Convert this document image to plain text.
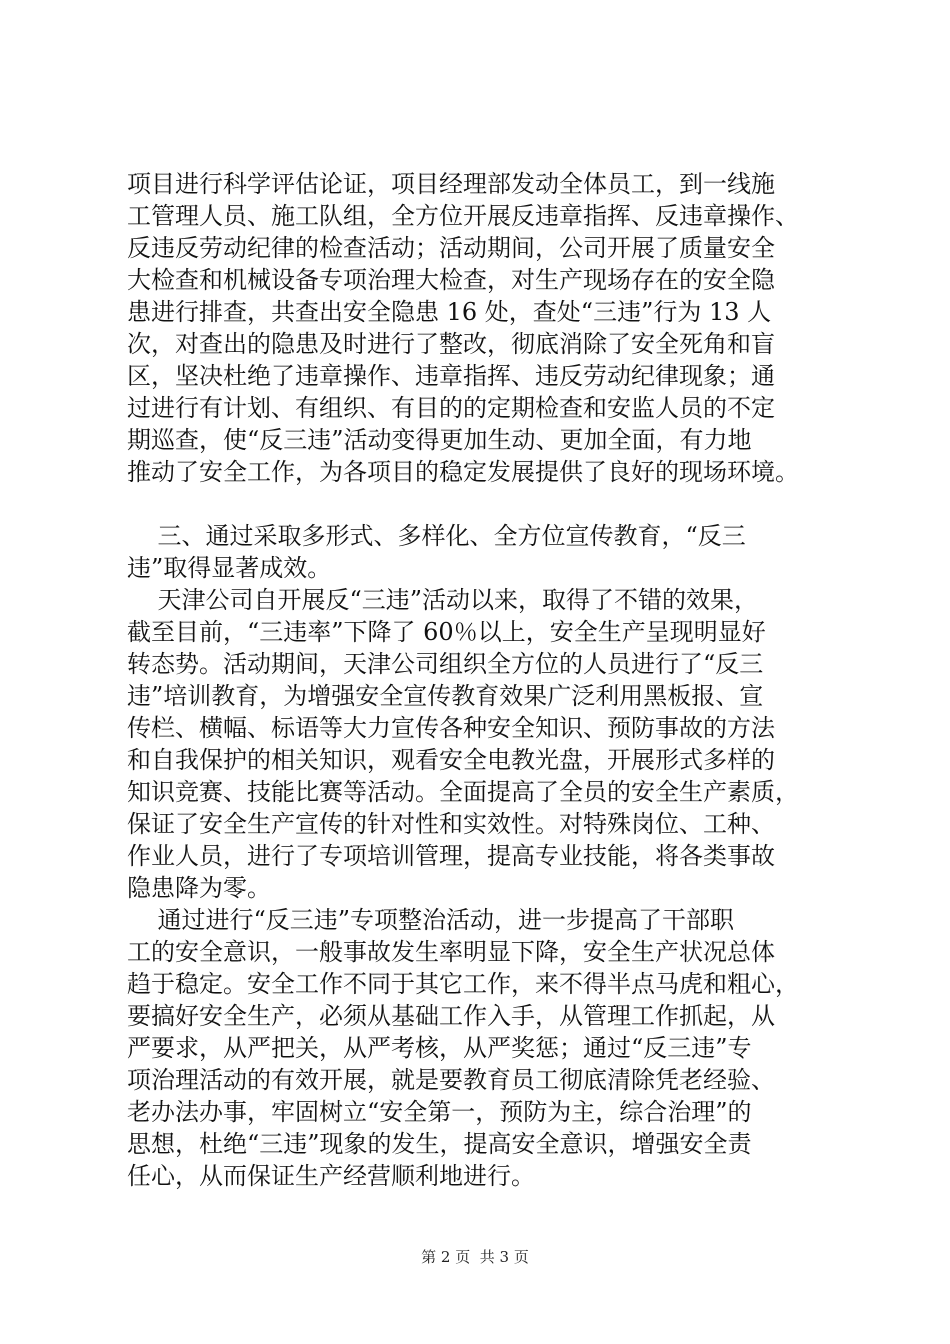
项目进行科学评估论证，项目经理部发动全体员工，到一线施
工管理人员、施工队组，全方位开展反违章指挥、反违章操作、
反违反劳动纪律的检查活动；活动期间，公司开展了质量安全
大检查和机械设备专项治理大检查，对生产现场存在的安全隐
患进行排查，共查出安全隐患 16 处，查处“三违”行为 13 人
次，对查出的隐患及时进行了整改，彻底消除了安全死角和盲
区，坚决杜绝了违章操作、违章指挥、违反劳动纪律现象；通
过进行有计划、有组织、有目的的定期检查和安监人员的不定
期巡查，使“反三违”活动变得更加生动、更加全面，有力地
推动了安全工作，为各项目的稳定发展提供了良好的现场环境。
三、通过采取多形式、多样化、全方位宣传教育，“反三
违”取得显著成效。
天津公司自开展反“三违”活动以来，取得了不错的效果，
截至目前，“三违率”下降了 60％以上，安全生产呈现明显好
转态势。活动期间，天津公司组织全方位的人员进行了“反三
违”培训教育，为增强安全宣传教育效果广泛利用黑板报、宣
传栏、横幅、标语等大力宣传各种安全知识、预防事故的方法
和自我保护的相关知识，观看安全电教光盘，开展形式多样的
知识竞赛、技能比赛等活动。全面提高了全员的安全生产素质，
保证了安全生产宣传的针对性和实效性。对特殊岗位、工种、
作业人员，进行了专项培训管理，提高专业技能，将各类事故
隐患降为零。
通过进行“反三违”专项整治活动，进一步提高了干部职
工的安全意识，一般事故发生率明显下降，安全生产状况总体
趋于稳定。安全工作不同于其它工作，来不得半点马虎和粗心，
要搞好安全生产，必须从基础工作入手，从管理工作抓起，从
严要求，从严把关，从严考核，从严奖惩；通过“反三违”专
项治理活动的有效开展，就是要教育员工彻底清除凭老经验、
老办法办事，牢固树立“安全第一，预防为主，综合治理”的
思想，杜绝“三违”现象的发生，提高安全意识，增强安全责
任心，从而保证生产经营顺利地进行。
第 2 页  共 3 页
